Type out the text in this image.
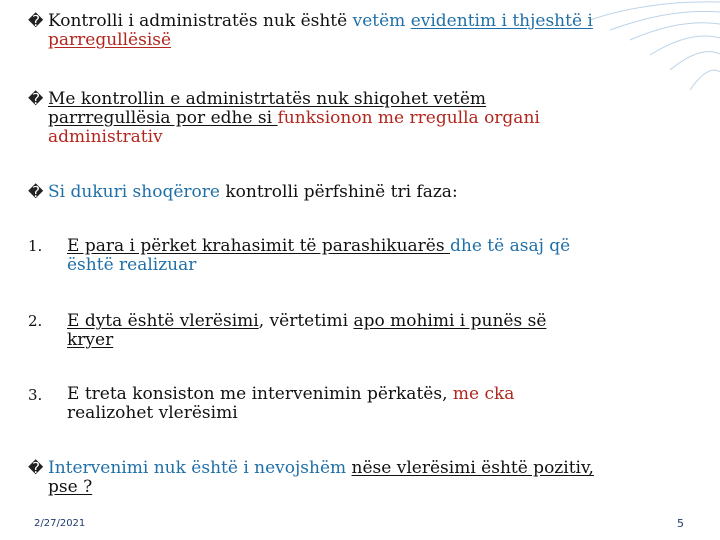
� Kontrolli i administratës nuk është vetëm evidentim i thjeshtë i
parregullësisë
� Me kontrollin e administrtatës nuk shiqohet vetëm
parrregullësia por edhe si funksionon me rregulla organi
administrativ
� Si dukuri shoqërore kontrolli përfshinë tri faza:
1. E para i përket krahasimit të parashikuarës dhe të asaj që
është realizuar
2. E dyta është vlerësimi, vërtetimi apo mohimi i punës së
kryer
3. E treta konsiston me intervenimin përkatës, me cka
realizohet vlerësimi
� Intervenimi nuk është i nevojshëm nëse vlerësimi është pozitiv,
pse ?
2/27/2021	5
